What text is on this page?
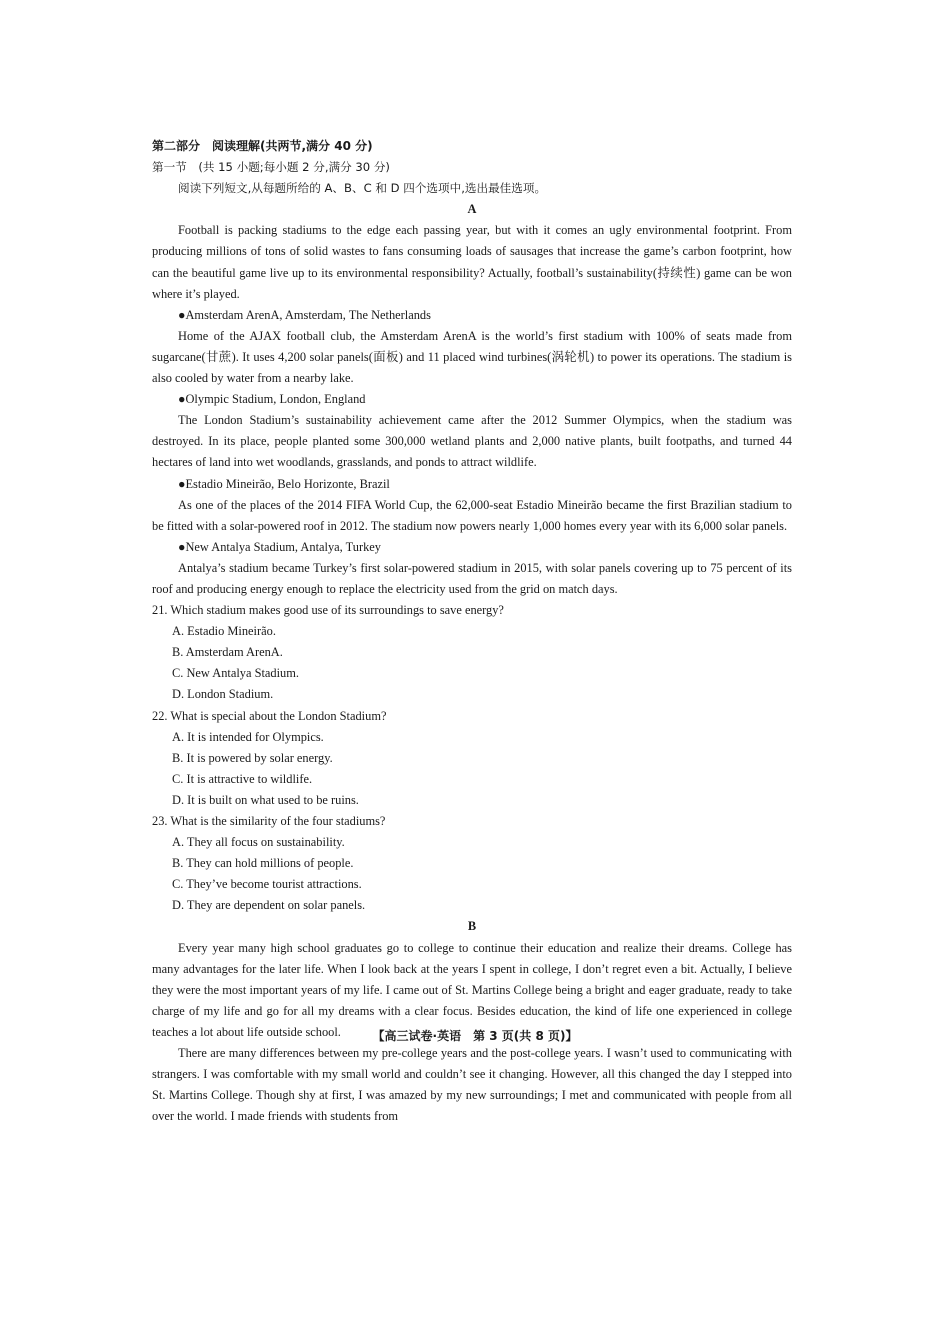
第二部分　阅读理解(共两节,满分 40 分)
第一节　(共 15 小题;每小题 2 分,满分 30 分)
阅读下列短文,从每题所给的 A、B、C 和 D 四个选项中,选出最佳选项。
A
Football is packing stadiums to the edge each passing year, but with it comes an ugly environmental footprint. From producing millions of tons of solid wastes to fans consuming loads of sausages that increase the game’s carbon footprint, how can the beautiful game live up to its environmental responsibility? Actually, football’s sustainability(持续性) game can be won where it’s played.
●Amsterdam ArenA, Amsterdam, The Netherlands
Home of the AJAX football club, the Amsterdam ArenA is the world’s first stadium with 100% of seats made from sugarcane(甘蔗). It uses 4,200 solar panels(面板) and 11 placed wind turbines(涡轮机) to power its operations. The stadium is also cooled by water from a nearby lake.
●Olympic Stadium, London, England
The London Stadium’s sustainability achievement came after the 2012 Summer Olympics, when the stadium was destroyed. In its place, people planted some 300,000 wetland plants and 2,000 native plants, built footpaths, and turned 44 hectares of land into wet woodlands, grasslands, and ponds to attract wildlife.
●Estadio Mineirão, Belo Horizonte, Brazil
As one of the places of the 2014 FIFA World Cup, the 62,000-seat Estadio Mineirão became the first Brazilian stadium to be fitted with a solar-powered roof in 2012. The stadium now powers nearly 1,000 homes every year with its 6,000 solar panels.
●New Antalya Stadium, Antalya, Turkey
Antalya’s stadium became Turkey’s first solar-powered stadium in 2015, with solar panels covering up to 75 percent of its roof and producing energy enough to replace the electricity used from the grid on match days.
21. Which stadium makes good use of its surroundings to save energy?
A. Estadio Mineirão.
B. Amsterdam ArenA.
C. New Antalya Stadium.
D. London Stadium.
22. What is special about the London Stadium?
A. It is intended for Olympics.
B. It is powered by solar energy.
C. It is attractive to wildlife.
D. It is built on what used to be ruins.
23. What is the similarity of the four stadiums?
A. They all focus on sustainability.
B. They can hold millions of people.
C. They’ve become tourist attractions.
D. They are dependent on solar panels.
B
Every year many high school graduates go to college to continue their education and realize their dreams. College has many advantages for the later life. When I look back at the years I spent in college, I don’t regret even a bit. Actually, I believe they were the most important years of my life. I came out of St. Martins College being a bright and eager graduate, ready to take charge of my life and go for all my dreams with a clear focus. Besides education, the kind of life one experienced in college teaches a lot about life outside school.
There are many differences between my pre-college years and the post-college years. I wasn’t used to communicating with strangers. I was comfortable with my small world and couldn’t see it changing. However, all this changed the day I stepped into St. Martins College. Though shy at first, I was amazed by my new surroundings; I met and communicated with people from all over the world. I made friends with students from
【高三试卷·英语　第 3 页(共 8 页)】
